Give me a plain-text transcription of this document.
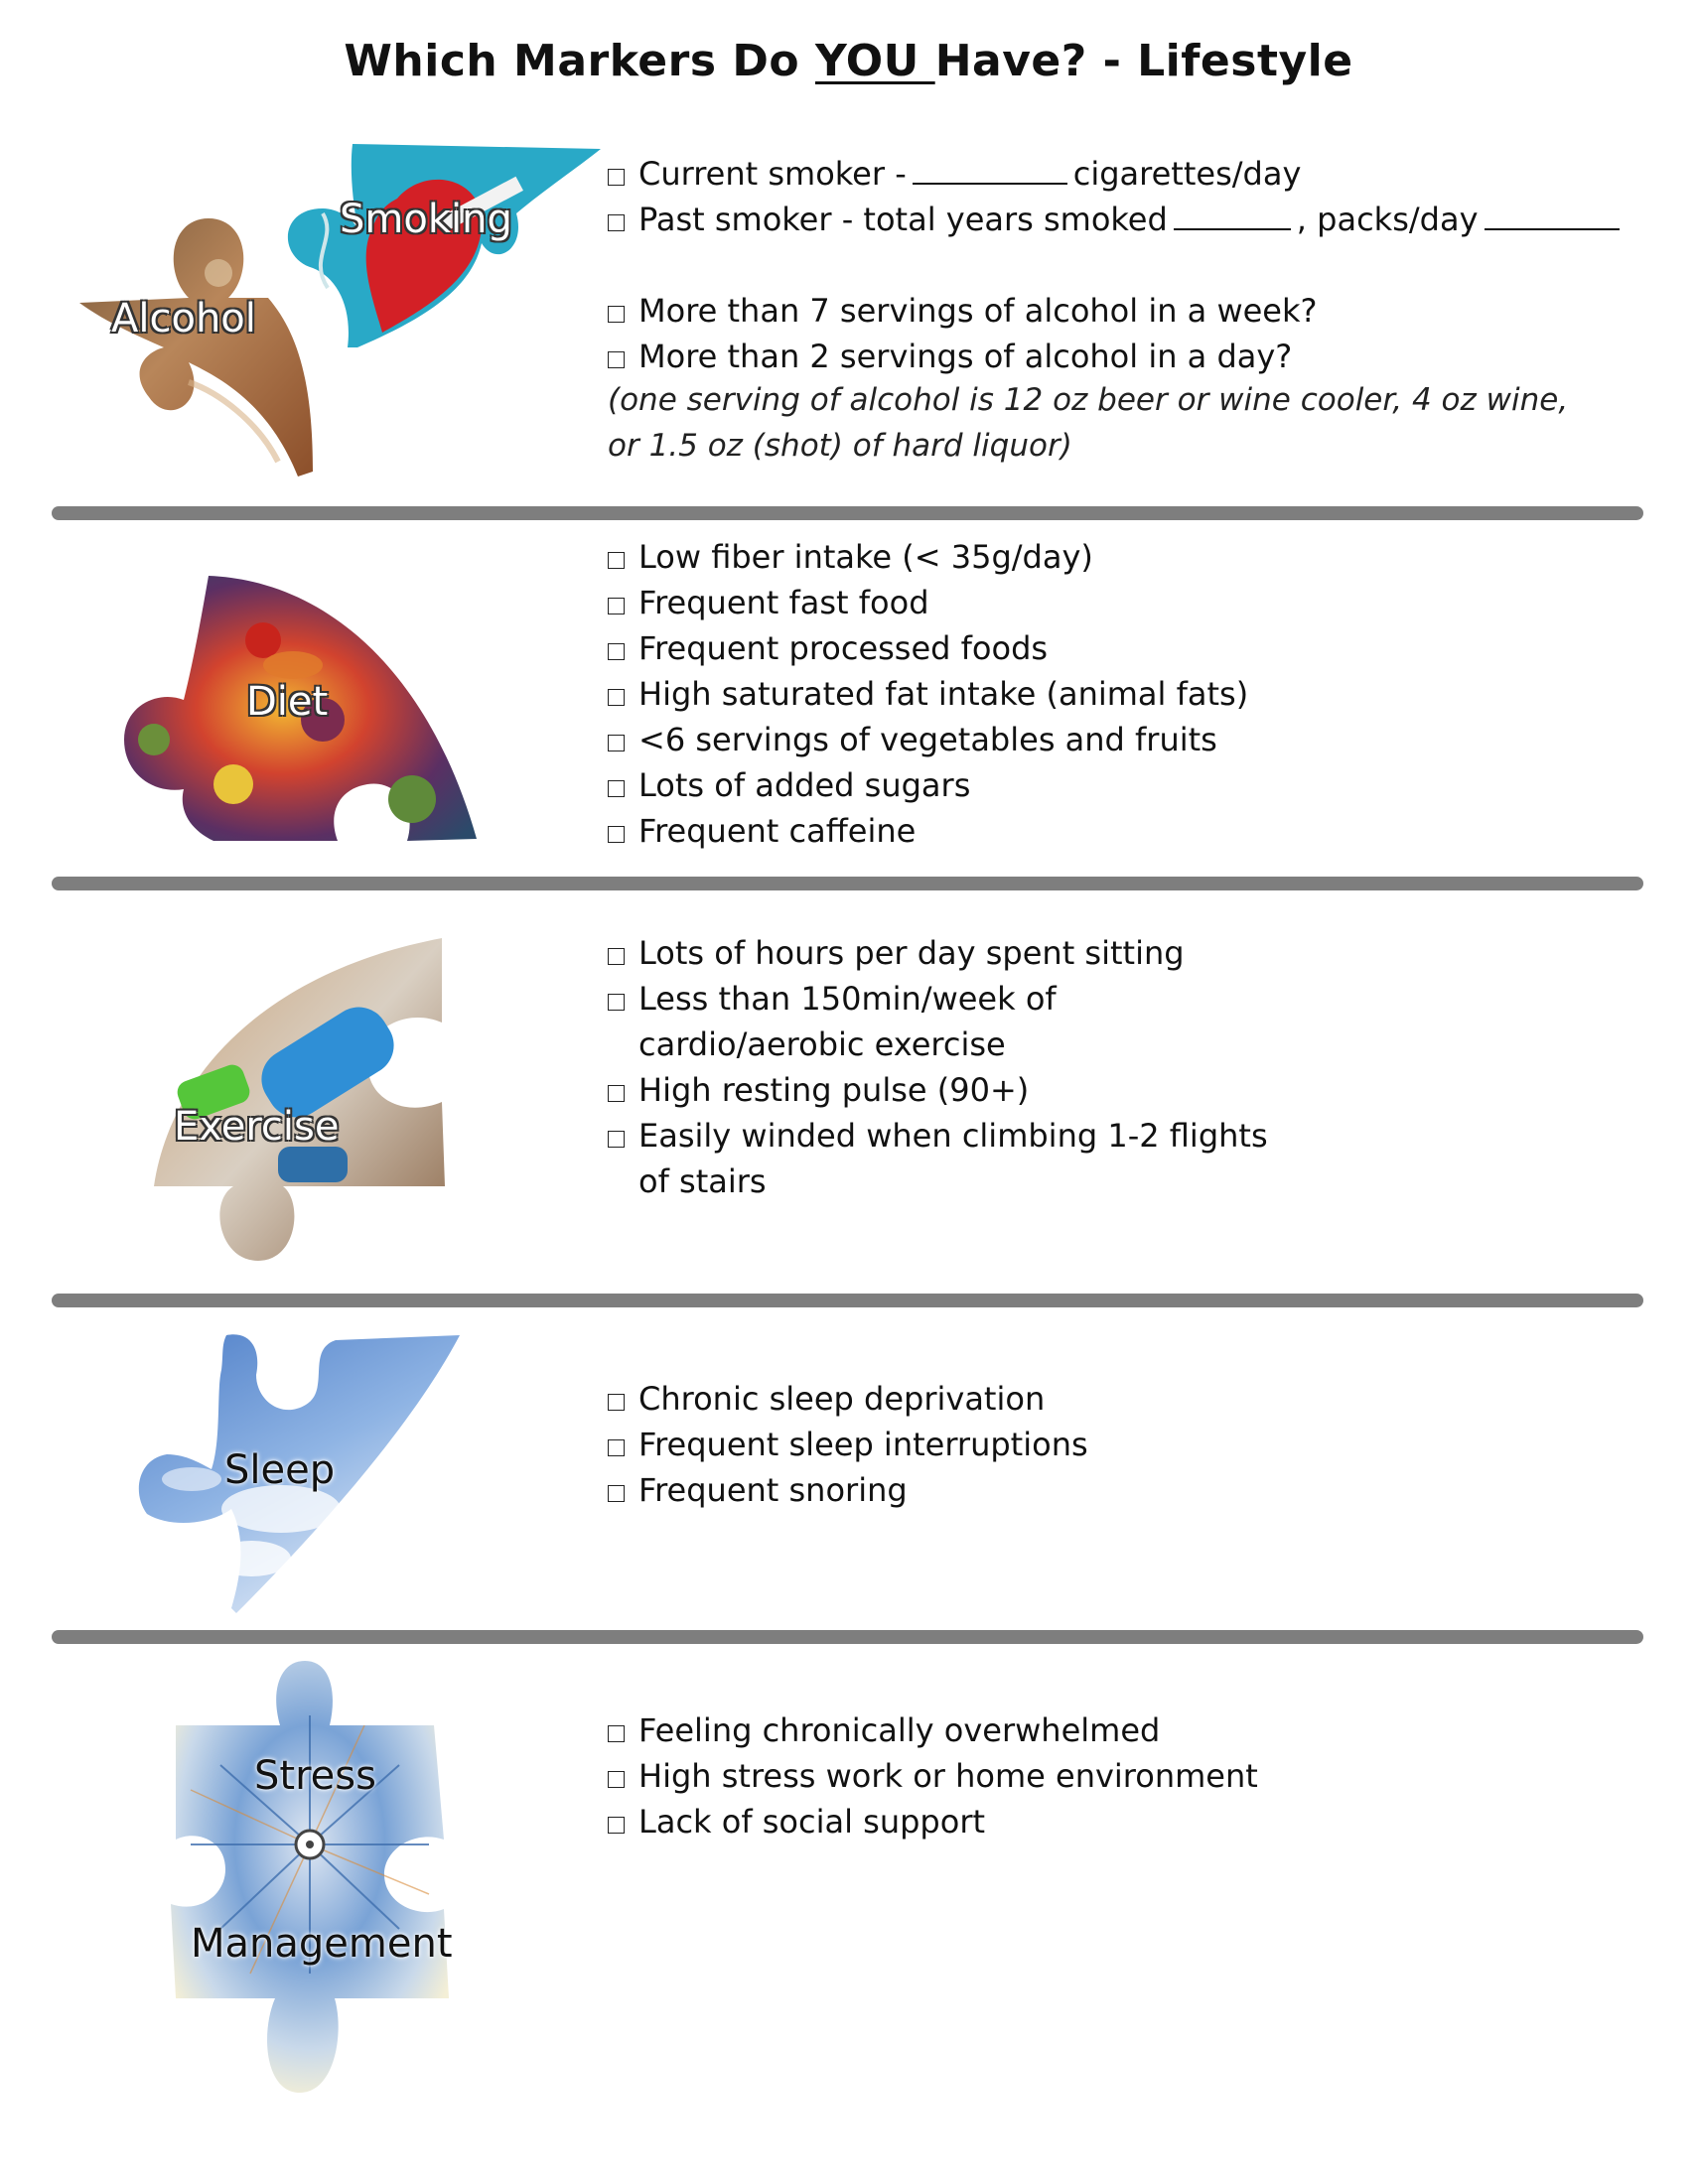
Which Markers Do YOU Have? - Lifestyle
Smoking
Alcohol
Current smoker -	cigarettes/day
Past smoker - total years smoked	, packs/day
More than 7 servings of alcohol in a week?
More than 2 servings of alcohol in a day?
(one serving of alcohol is 12 oz beer or wine cooler, 4 oz wine,
or 1.5 oz (shot) of hard liquor)
Diet
Low fiber intake (< 35g/day)
Frequent fast food
Frequent processed foods
High saturated fat intake (animal fats)
<6 servings of vegetables and fruits
Lots of added sugars
Frequent caffeine
Exercise
Lots of hours per day spent sitting
Less than 150min/week of
cardio/aerobic exercise
High resting pulse (90+)
Easily winded when climbing 1-2 flights
of stairs
Sleep
Chronic sleep deprivation
Frequent sleep interruptions
Frequent snoring
Stress
Management
Feeling chronically overwhelmed
High stress work or home environment
Lack of social support
